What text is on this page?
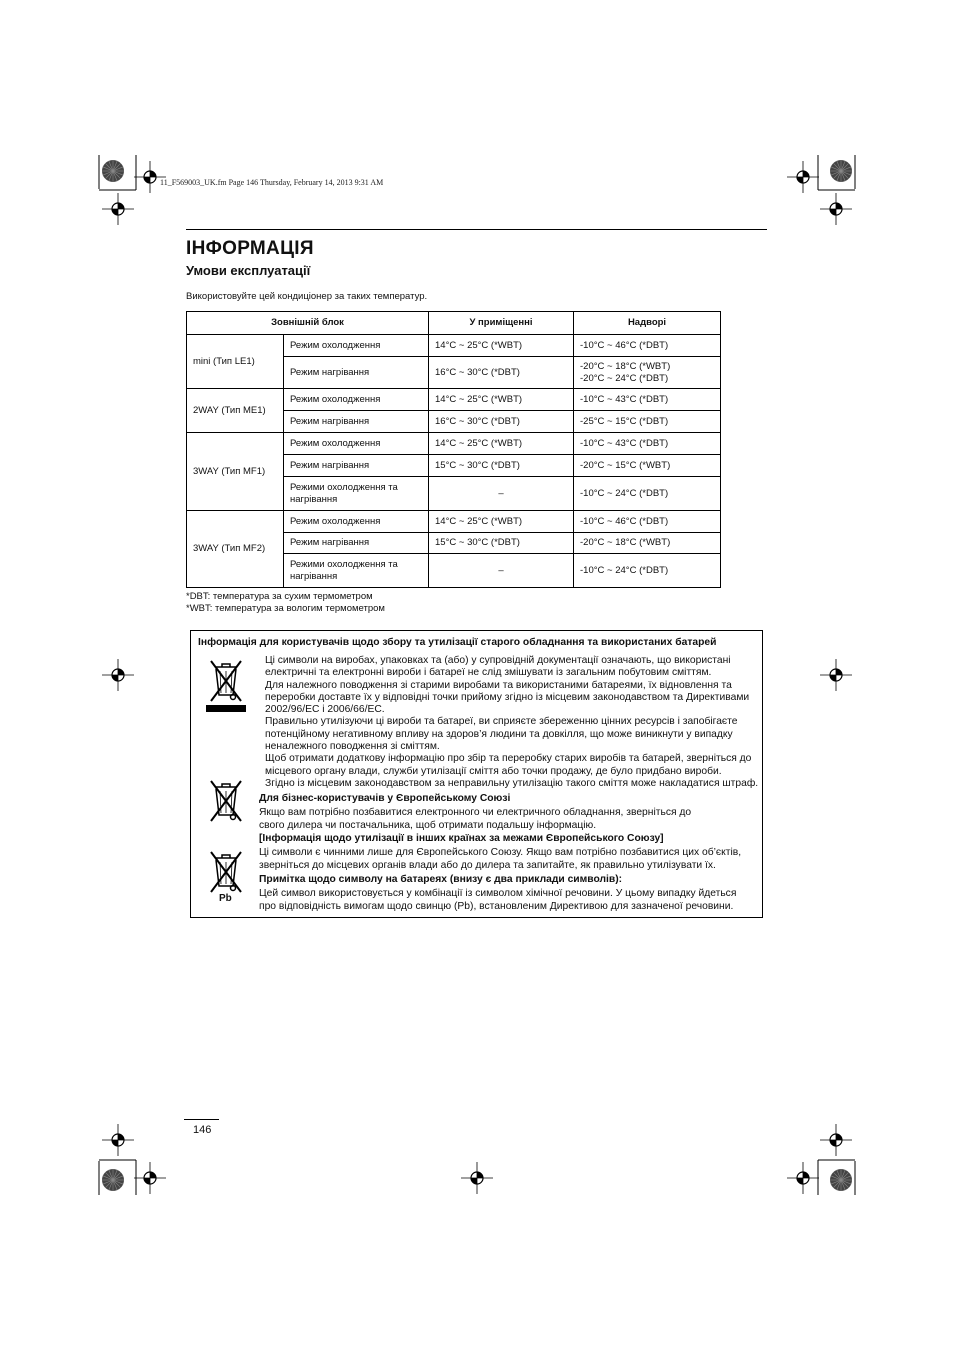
11_F569003_UK.fm Page 146 Thursday, February 14, 2013 9:31 AM
ІНФОРМАЦІЯ
Умови експлуатації
Використовуйте цей кондиціонер за таких температур.
Зовнішній блок		У приміщенні	Надворі
mini (Тип LE1)	Режим охолодження	14°C ~ 25°C (*WBT)	-10°C ~ 46°C (*DBT)
	Режим нагрівання	16°C ~ 30°C (*DBT)	-20°C ~ 18°C (*WBT)
-20°C ~ 24°C (*DBT)

2WAY (Тип ME1)	Режим охолодження	14°C ~ 25°C (*WBT)	-10°C ~ 43°C (*DBT)
	Режим нагрівання	16°C ~ 30°C (*DBT)	-25°C ~ 15°C (*DBT)
3WAY (Тип MF1)	Режим охолодження	14°C ~ 25°C (*WBT)	-10°C ~ 43°C (*DBT)
	Режим нагрівання	15°C ~ 30°C (*DBT)	-20°C ~ 15°C (*WBT)

	Режими охолодження та
нагрівання	–	-10°C ~ 24°C (*DBT)
3WAY (Тип MF2)	Режим охолодження	14°C ~ 25°C (*WBT)	-10°C ~ 46°C (*DBT)
	Режим нагрівання	15°C ~ 30°C (*DBT)	-20°C ~ 18°C (*WBT)

	Режими охолодження та
нагрівання	–	-10°C ~ 24°C (*DBT)
*DBT: температура за сухим термометром
*WBT: температура за вологим термометром
Інформація для користувачів щодо збору та утилізації старого обладнання та використаних батарей
Ці символи на виробах, упаковках та (або) у супровідній документації означають, що використані
електричні та електронні вироби і батареї не слід змішувати із загальним побутовим сміттям.
Для належного поводження зі старими виробами та використаними батареями, їх відновлення та
переробки доставте їх у відповідні точки прийому згідно із місцевим законодавством та Директивами
2002/96/EC і 2006/66/EC.
Правильно утилізуючи ці вироби та батареї, ви сприяєте збереженню цінних ресурсів і запобігаєте
потенційному негативному впливу на здоров’я людини та довкілля, що може виникнути у випадку
неналежного поводження зі сміттям.
Щоб отримати додаткову інформацію про збір та переробку старих виробів та батарей, зверніться до
місцевого органу влади, служби утилізації сміття або точки продажу, де було придбано вироби.
Згідно із місцевим законодавством за неправильну утилізацію такого сміття може накладатися штраф.
Для бізнес-користувачів у Європейському Союзі
Якщо вам потрібно позбавитися електронного чи електричного обладнання, зверніться до
свого дилера чи постачальника, щоб отримати подальшу інформацію.
[Інформація щодо утилізації в інших країнах за межами Європейського Союзу]
Ці символи є чинними лише для Європейського Союзу. Якщо вам потрібно позбавитися цих об’єктів,
зверніться до місцевих органів влади або до дилера та запитайте, як правильно утилізувати їх.
Примітка щодо символу на батареях (внизу є два приклади символів):
Цей символ використовується у комбінації із символом хімічної речовини. У цьому випадку йдеться
про відповідність вимогам щодо свинцю (Pb), встановленим Директивою для зазначеної речовини.
Pb
146
